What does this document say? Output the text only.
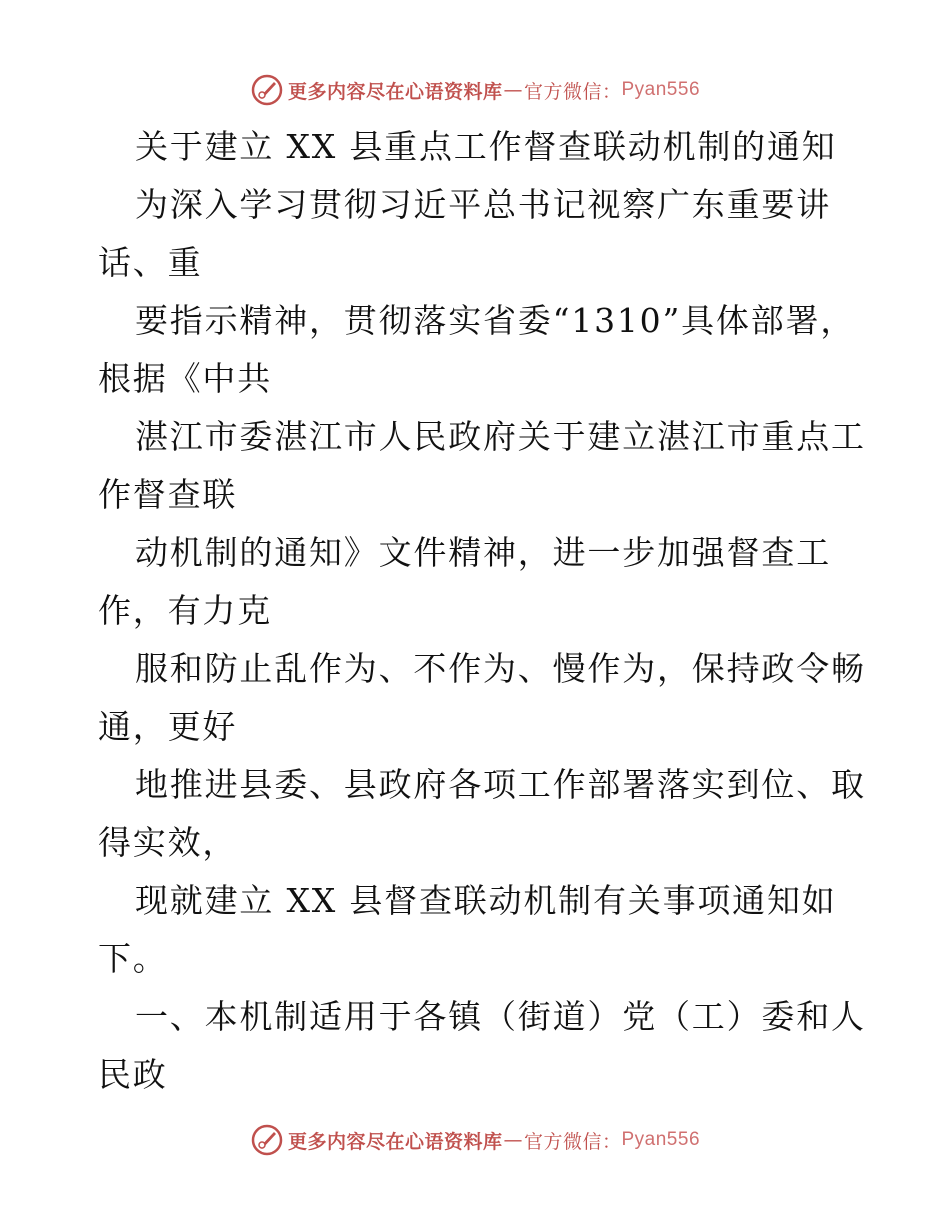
更多内容尽在心语资料库 — 官方微信： Pyan556
关于建立 XX 县重点工作督查联动机制的通知
为深入学习贯彻习近平总书记视察广东重要讲
话、重
要指示精神，贯彻落实省委“1310”具体部署，
根据《中共
湛江市委湛江市人民政府关于建立湛江市重点工
作督查联
动机制的通知》文件精神，进一步加强督查工
作，有力克
服和防止乱作为、不作为、慢作为，保持政令畅
通，更好
地推进县委、县政府各项工作部署落实到位、取
得实效，
现就建立 XX 县督查联动机制有关事项通知如
下。
一、本机制适用于各镇（街道）党（工）委和人
民政
更多内容尽在心语资料库 — 官方微信： Pyan556
